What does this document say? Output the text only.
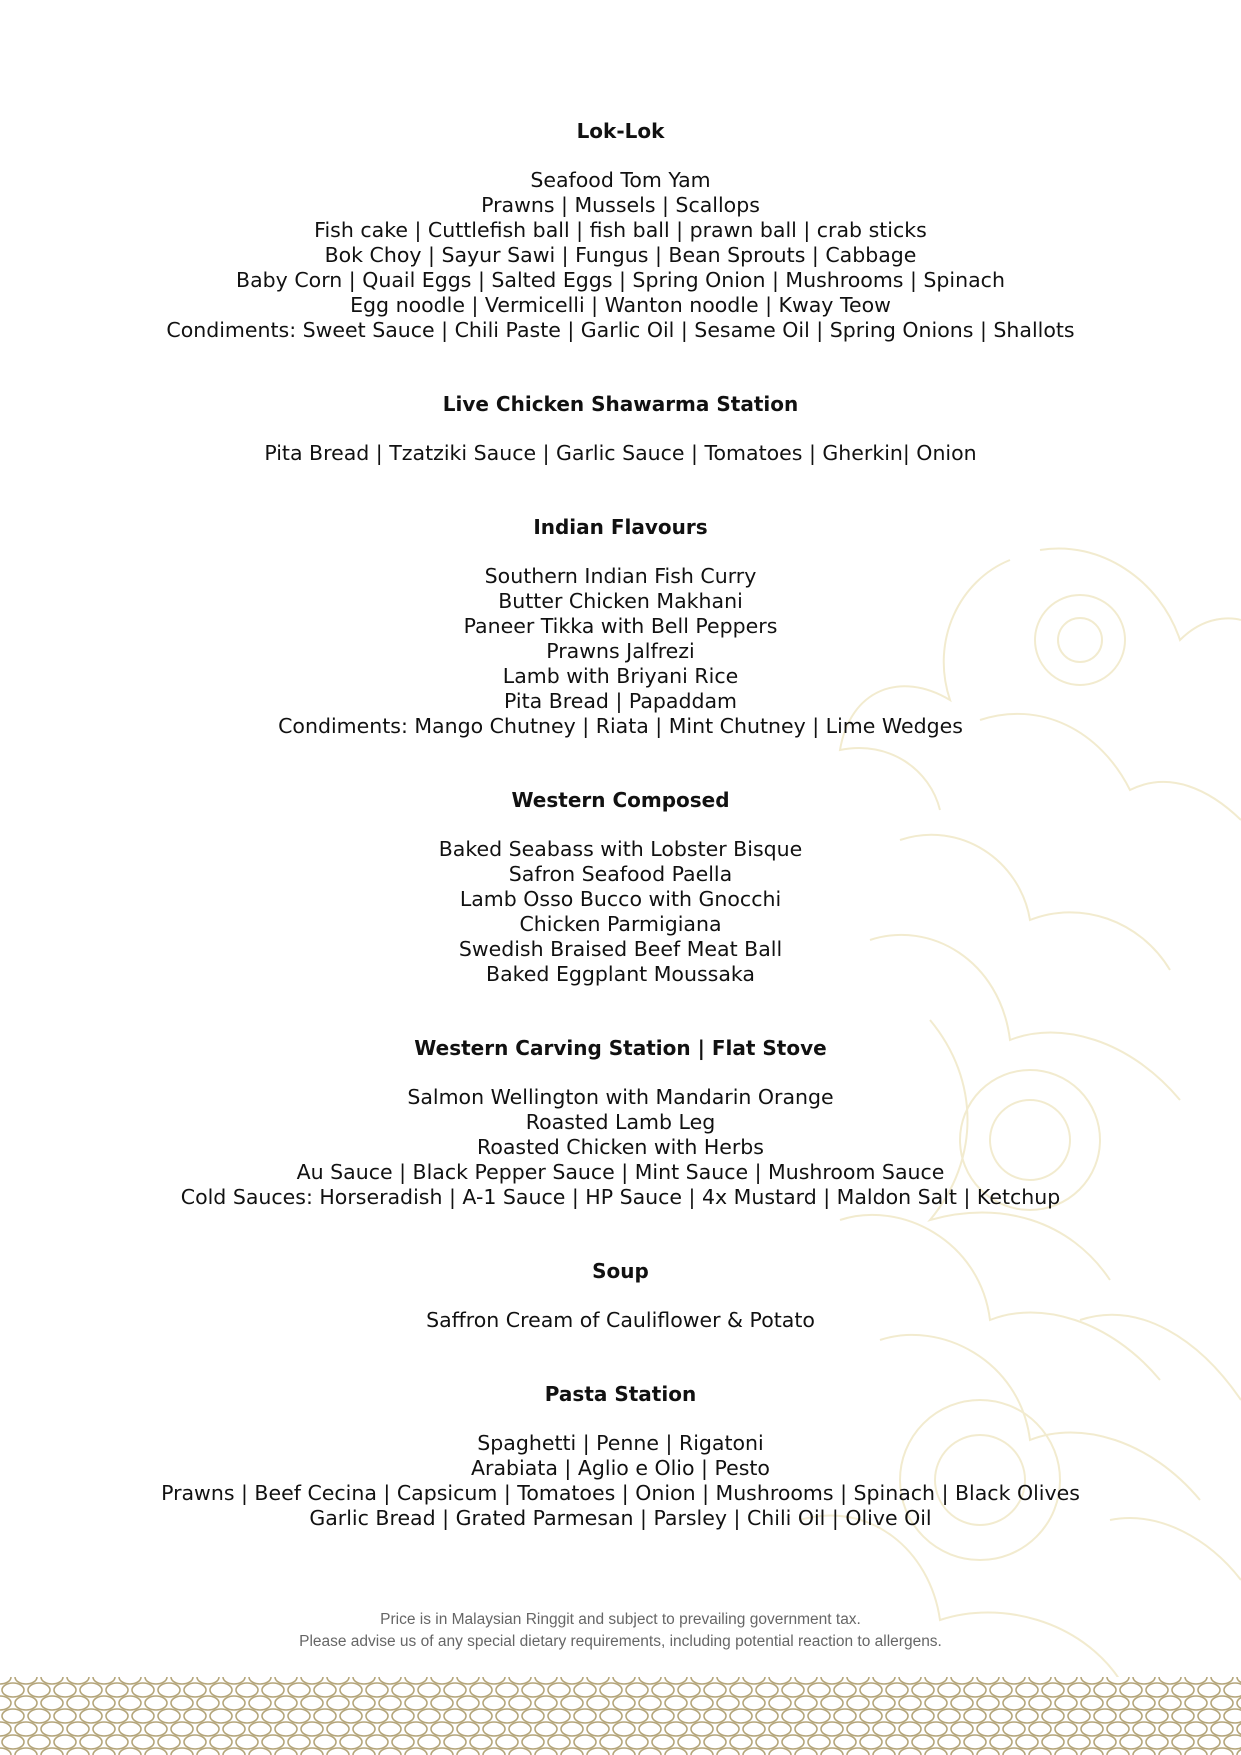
Lok-Lok

Seafood Tom Yam

Prawns | Mussels | Scallops

Fish cake | Cuttlefish ball | fish ball | prawn ball | crab sticks

Bok Choy | Sayur Sawi | Fungus | Bean Sprouts | Cabbage

Baby Corn | Quail Eggs | Salted Eggs | Spring Onion | Mushrooms | Spinach

Egg noodle | Vermicelli | Wanton noodle | Kway Teow

Condiments: Sweet Sauce | Chili Paste | Garlic Oil | Sesame Oil | Spring Onions | Shallots

Live Chicken Shawarma Station

Pita Bread | Tzatziki Sauce | Garlic Sauce | Tomatoes | Gherkin| Onion

Indian Flavours

Southern Indian Fish Curry

Butter Chicken Makhani

Paneer Tikka with Bell Peppers

Prawns Jalfrezi

Lamb with Briyani Rice

Pita Bread | Papaddam

Condiments: Mango Chutney | Riata | Mint Chutney | Lime Wedges

Western Composed

Baked Seabass with Lobster Bisque

Safron Seafood Paella

Lamb Osso Bucco with Gnocchi

Chicken Parmigiana

Swedish Braised Beef Meat Ball

Baked Eggplant Moussaka

Western Carving Station | Flat Stove

Salmon Wellington with Mandarin Orange

Roasted Lamb Leg

Roasted Chicken with Herbs

Au Sauce | Black Pepper Sauce | Mint Sauce | Mushroom Sauce

Cold Sauces: Horseradish | A-1 Sauce | HP Sauce | 4x Mustard | Maldon Salt | Ketchup

Soup

Saffron Cream of Cauliflower & Potato

Pasta Station

Spaghetti | Penne | Rigatoni

Arabiata | Aglio e Olio | Pesto

Prawns | Beef Cecina | Capsicum | Tomatoes | Onion | Mushrooms | Spinach | Black Olives

Garlic Bread | Grated Parmesan | Parsley | Chili Oil | Olive Oil

Price is in Malaysian Ringgit and subject to prevailing government tax.
Please advise us of any special dietary requirements, including potential reaction to allergens.
